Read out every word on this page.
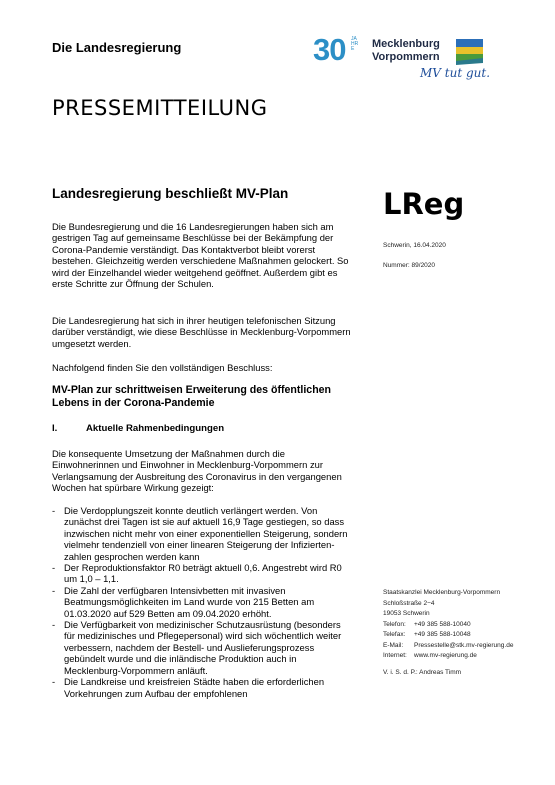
Die Landesregierung	30 JAHRE	Mecklenburg
Vorpommern
MV tut gut.
PRESSEMITTEILUNG
Landesregierung beschließt MV-Plan	LReg
Schwerin, 16.04.2020
Nummer: 89/2020
Die Bundesregierung und die 16 Landesregierungen haben sich am gestrigen Tag auf gemeinsame Beschlüsse bei der Bekämpfung der Corona-Pandemie verständigt. Das Kontaktverbot bleibt vorerst bestehen. Gleichzeitig werden verschiedene Maßnahmen gelockert. So wird der Einzelhandel wieder weitgehend geöffnet. Außerdem gibt es erste Schritte zur Öffnung der Schulen.
Die Landesregierung hat sich in ihrer heutigen telefonischen Sitzung darüber verständigt, wie diese Beschlüsse in Mecklenburg-Vorpommern umgesetzt werden.
Nachfolgend finden Sie den vollständigen Beschluss:
MV-Plan zur schrittweisen Erweiterung des öffentlichen Lebens in der Corona-Pandemie
I.	Aktuelle Rahmenbedingungen
Die konsequente Umsetzung der Maßnahmen durch die Einwohnerinnen und Einwohner in Mecklenburg-Vorpommern zur Verlangsamung der Ausbreitung des Coronavirus in den vergangenen Wochen hat spürbare Wirkung gezeigt:
- Die Verdopplungszeit konnte deutlich verlängert werden. Von zunächst drei Tagen ist sie auf aktuell 16,9 Tage gestiegen, so dass inzwischen nicht mehr von einer exponentiellen Steigerung, sondern vielmehr tendenziell von einer linearen Steigerung der Infiziertenzahlen gesprochen werden kann
- Der Reproduktionsfaktor R0 beträgt aktuell 0,6. Angestrebt wird R0 um 1,0 – 1,1.
- Die Zahl der verfügbaren Intensivbetten mit invasiven Beatmungsmöglichkeiten im Land wurde von 215 Betten am 01.03.2020 auf 529 Betten am 09.04.2020 erhöht.
- Die Verfügbarkeit von medizinischer Schutzausrüstung (besonders für medizinisches und Pflegepersonal) wird sich wöchentlich weiter verbessern, nachdem der Bestell- und Auslieferungsprozess gebündelt wurde und die inländische Produktion auch in Mecklenburg-Vorpommern anläuft.
- Die Landkreise und kreisfreien Städte haben die erforderlichen Vorkehrungen zum Aufbau der empfohlenen
Staatskanzlei Mecklenburg-Vorpommern
Schloßstraße 2−4
19053 Schwerin
Telefon:	+49 385 588-10040
Telefax:	+49 385 588-10048
E-Mail:	Pressestelle@stk.mv-regierung.de
Internet:	www.mv-regierung.de
V. i. S. d. P.: Andreas Timm
